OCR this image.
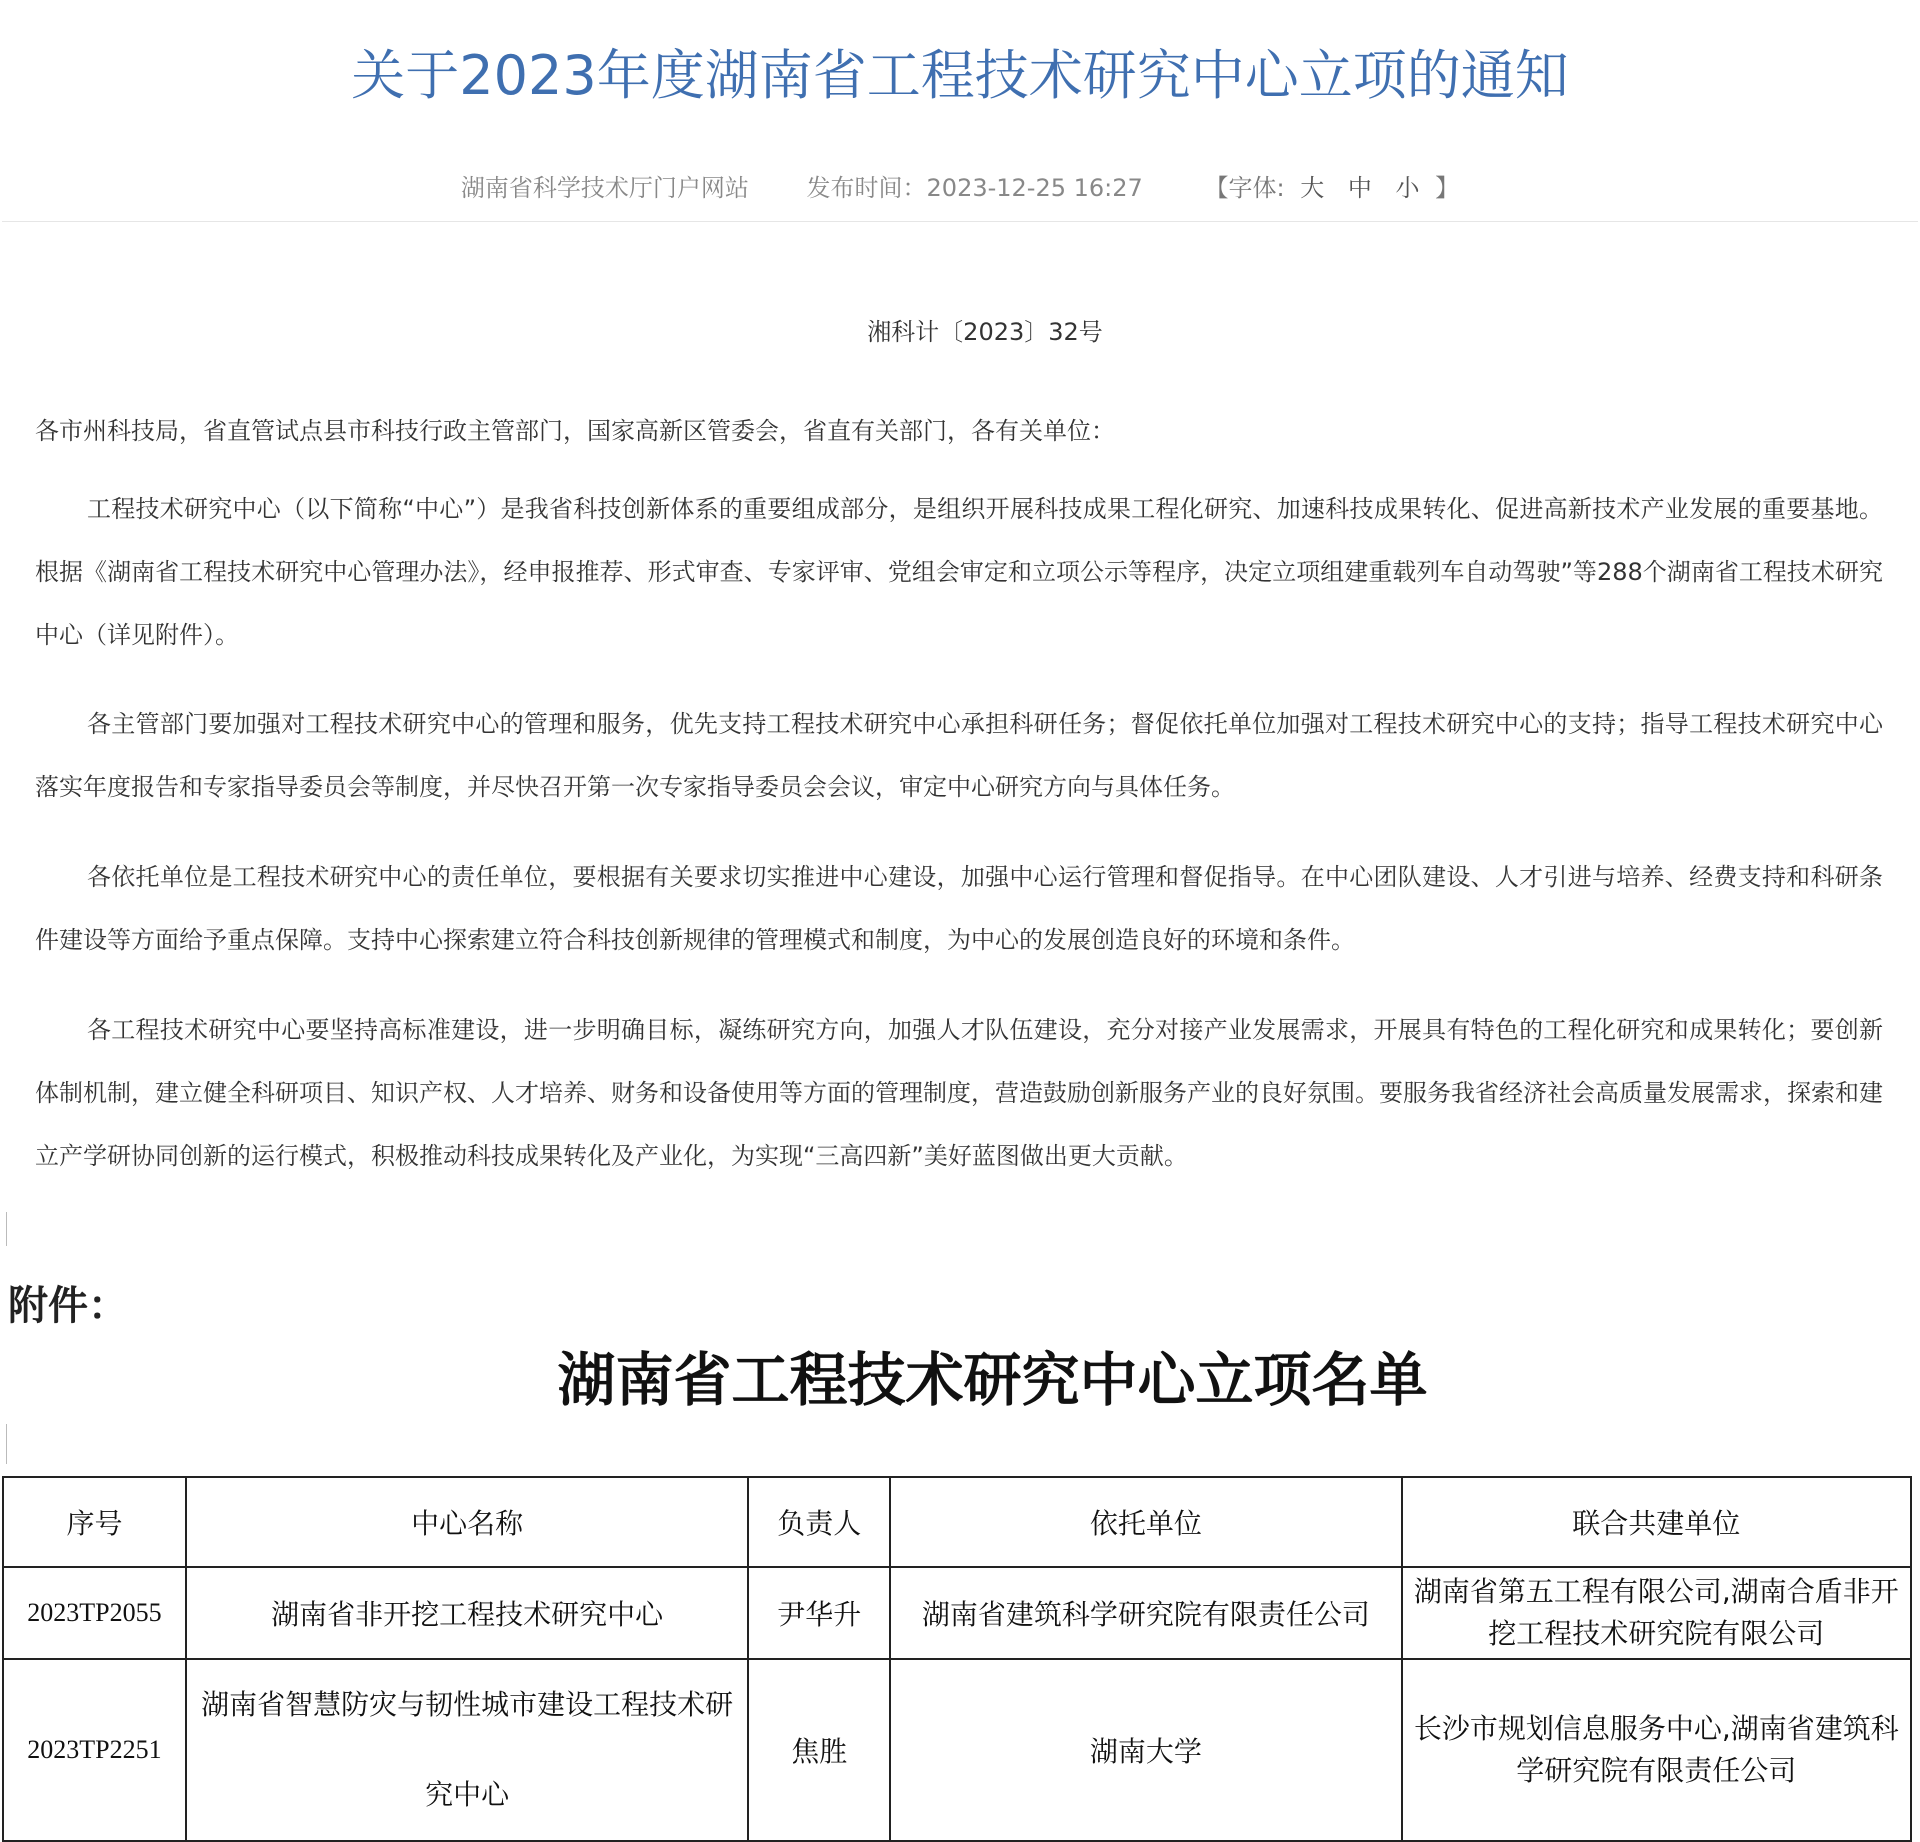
关于2023年度湖南省工程技术研究中心立项的通知
湖南省科学技术厅门户网站 发布时间：2023-12-25 16:27	【字体: 大 中 小 】
湘科计〔2023〕32号

各市州科技局，省直管试点县市科技行政主管部门，国家高新区管委会，省直有关部门，各有关单位：

工程技术研究中心（以下简称“中心”）是我省科技创新体系的重要组成部分，是组织开展科技成果工程化研究、加速科技成果转化、促进高新技术产业发展的重要基地。根据《湖南省工程技术研究中心管理办法》，经申报推荐、形式审查、专家评审、党组会审定和立项公示等程序，决定立项组建重载列车自动驾驶”等288个湖南省工程技术研究中心（详见附件）。

各主管部门要加强对工程技术研究中心的管理和服务，优先支持工程技术研究中心承担科研任务；督促依托单位加强对工程技术研究中心的支持；指导工程技术研究中心落实年度报告和专家指导委员会等制度，并尽快召开第一次专家指导委员会会议，审定中心研究方向与具体任务。

各依托单位是工程技术研究中心的责任单位，要根据有关要求切实推进中心建设，加强中心运行管理和督促指导。在中心团队建设、人才引进与培养、经费支持和科研条件建设等方面给予重点保障。支持中心探索建立符合科技创新规律的管理模式和制度，为中心的发展创造良好的环境和条件。

各工程技术研究中心要坚持高标准建设，进一步明确目标，凝练研究方向，加强人才队伍建设，充分对接产业发展需求，开展具有特色的工程化研究和成果转化；要创新体制机制，建立健全科研项目、知识产权、人才培养、财务和设备使用等方面的管理制度，营造鼓励创新服务产业的良好氛围。要服务我省经济社会高质量发展需求，探索和建立产学研协同创新的运行模式，积极推动科技成果转化及产业化，为实现“三高四新”美好蓝图做出更大贡献。

附件：
湖南省工程技术研究中心立项名单
序号	中心名称	负责人	依托单位	联合共建单位
2023TP2055	湖南省非开挖工程技术研究中心	尹华升	湖南省建筑科学研究院有限责任公司	湖南省第五工程有限公司,湖南合盾非开挖工程技术研究院有限公司
2023TP2251	湖南省智慧防灾与韧性城市建设工程技术研究中心	焦胜	湖南大学	长沙市规划信息服务中心,湖南省建筑科学研究院有限责任公司
